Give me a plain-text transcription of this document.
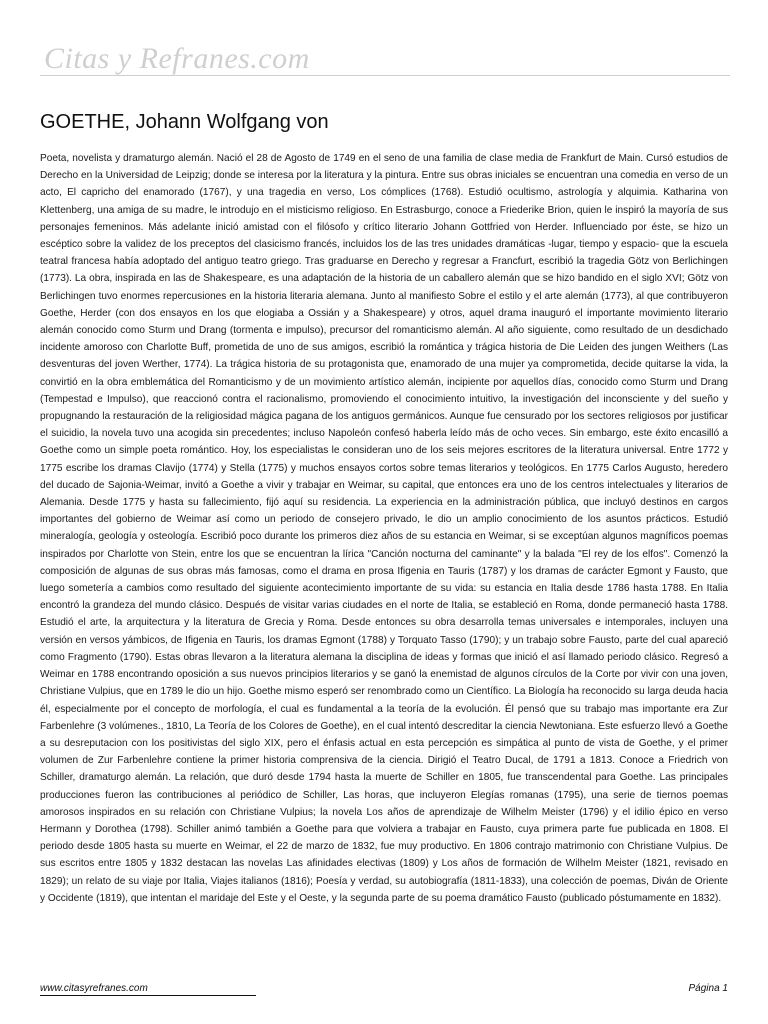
Citas y Refranes.com
GOETHE, Johann Wolfgang von

Poeta, novelista y dramaturgo alemán. Nació el 28 de Agosto de 1749 en el seno de una familia de clase media de Frankfurt de Main. Cursó estudios de Derecho en la Universidad de Leipzig; donde se interesa por la literatura y la pintura. Entre sus obras iniciales se encuentran una comedia en verso de un acto, El capricho del enamorado (1767), y una tragedia en verso, Los cómplices (1768). Estudió ocultismo, astrología y alquimia. Katharina von Klettenberg, una amiga de su madre, le introdujo en el misticismo religioso. En Estrasburgo, conoce a Friederike Brion, quien le inspiró la mayoría de sus personajes femeninos. Más adelante inició amistad con el filósofo y crítico literario Johann Gottfried von Herder. Influenciado por éste, se hizo un escéptico sobre la validez de los preceptos del clasicismo francés, incluidos los de las tres unidades dramáticas -lugar, tiempo y espacio- que la escuela teatral francesa había adoptado del antiguo teatro griego. Tras graduarse en Derecho y regresar a Francfurt, escribió la tragedia Götz von Berlichingen (1773). La obra, inspirada en las de Shakespeare, es una adaptación de la historia de un caballero alemán que se hizo bandido en el siglo XVI; Götz von Berlichingen tuvo enormes repercusiones en la historia literaria alemana. Junto al manifiesto Sobre el estilo y el arte alemán (1773), al que contribuyeron Goethe, Herder (con dos ensayos en los que elogiaba a Ossián y a Shakespeare) y otros, aquel drama inauguró el importante movimiento literario alemán conocido como Sturm und Drang (tormenta e impulso), precursor del romanticismo alemán. Al año siguiente, como resultado de un desdichado incidente amoroso con Charlotte Buff, prometida de uno de sus amigos, escribió la romántica y trágica historia de Die Leiden des jungen Weithers (Las desventuras del joven Werther, 1774). La trágica historia de su protagonista que, enamorado de una mujer ya comprometida, decide quitarse la vida, la convirtió en la obra emblemática del Romanticismo y de un movimiento artístico alemán, incipiente por aquellos días, conocido como Sturm und Drang (Tempestad e Impulso), que reaccionó contra el racionalismo, promoviendo el conocimiento intuitivo, la investigación del inconsciente y del sueño y propugnando la restauración de la religiosidad mágica pagana de los antiguos germánicos. Aunque fue censurado por los sectores religiosos por justificar el suicidio, la novela tuvo una acogida sin precedentes; incluso Napoleón confesó haberla leído más de ocho veces. Sin embargo, este éxito encasilló a Goethe como un simple poeta romántico. Hoy, los especialistas le consideran uno de los seis mejores escritores de la literatura universal. Entre 1772 y 1775 escribe los dramas Clavijo (1774) y Stella (1775) y muchos ensayos cortos sobre temas literarios y teológicos. En 1775 Carlos Augusto, heredero del ducado de Sajonia-Weimar, invitó a Goethe a vivir y trabajar en Weimar, su capital, que entonces era uno de los centros intelectuales y literarios de Alemania. Desde 1775 y hasta su fallecimiento, fijó aquí su residencia. La experiencia en la administración pública, que incluyó destinos en cargos importantes del gobierno de Weimar así como un periodo de consejero privado, le dio un amplio conocimiento de los asuntos prácticos. Estudió mineralogía, geología y osteología. Escribió poco durante los primeros diez años de su estancia en Weimar, si se exceptúan algunos magníficos poemas inspirados por Charlotte von Stein, entre los que se encuentran la lírica "Canción nocturna del caminante" y la balada "El rey de los elfos". Comenzó la composición de algunas de sus obras más famosas, como el drama en prosa Ifigenia en Tauris (1787) y los dramas de carácter Egmont y Fausto, que luego sometería a cambios como resultado del siguiente acontecimiento importante de su vida: su estancia en Italia desde 1786 hasta 1788. En Italia encontró la grandeza del mundo clásico. Después de visitar varias ciudades en el norte de Italia, se estableció en Roma, donde permaneció hasta 1788. Estudió el arte, la arquitectura y la literatura de Grecia y Roma. Desde entonces su obra desarrolla temas universales e intemporales, incluyen una versión en versos yámbicos, de Ifigenia en Tauris, los dramas Egmont (1788) y Torquato Tasso (1790); y un trabajo sobre Fausto, parte del cual apareció como Fragmento (1790). Estas obras llevaron a la literatura alemana la disciplina de ideas y formas que inició el así llamado periodo clásico. Regresó a Weimar en 1788 encontrando oposición a sus nuevos principios literarios y se ganó la enemistad de algunos círculos de la Corte por vivir con una joven, Christiane Vulpius, que en 1789 le dio un hijo. Goethe mismo esperó ser renombrado como un Científico. La Biología ha reconocido su larga deuda hacia él, especialmente por el concepto de morfología, el cual es fundamental a la teoría de la evolución. Él pensó que su trabajo mas importante era Zur Farbenlehre (3 volúmenes., 1810, La Teoría de los Colores de Goethe), en el cual intentó descreditar la ciencia Newtoniana. Este esfuerzo llevó a Goethe a su desreputacion con los positivistas del siglo XIX, pero el énfasis actual en esta percepción es simpática al punto de vista de Goethe, y el primer volumen de Zur Farbenlehre contiene la primer historia comprensiva de la ciencia. Dirigió el Teatro Ducal, de 1791 a 1813. Conoce a Friedrich von Schiller, dramaturgo alemán. La relación, que duró desde 1794 hasta la muerte de Schiller en 1805, fue transcendental para Goethe. Las principales producciones fueron las contribuciones al periódico de Schiller, Las horas, que incluyeron Elegías romanas (1795), una serie de tiernos poemas amorosos inspirados en su relación con Christiane Vulpius; la novela Los años de aprendizaje de Wilhelm Meister (1796) y el idilio épico en verso Hermann y Dorothea (1798). Schiller animó también a Goethe para que volviera a trabajar en Fausto, cuya primera parte fue publicada en 1808. El periodo desde 1805 hasta su muerte en Weimar, el 22 de marzo de 1832, fue muy productivo. En 1806 contrajo matrimonio con Christiane Vulpius. De sus escritos entre 1805 y 1832 destacan las novelas Las afinidades electivas (1809) y Los años de formación de Wilhelm Meister (1821, revisado en 1829); un relato de su viaje por Italia, Viajes italianos (1816); Poesía y verdad, su autobiografía (1811-1833), una colección de poemas, Diván de Oriente y Occidente (1819), que intentan el maridaje del Este y el Oeste, y la segunda parte de su poema dramático Fausto (publicado póstumamente en 1832).

www.citasyrefranes.com	Página 1
